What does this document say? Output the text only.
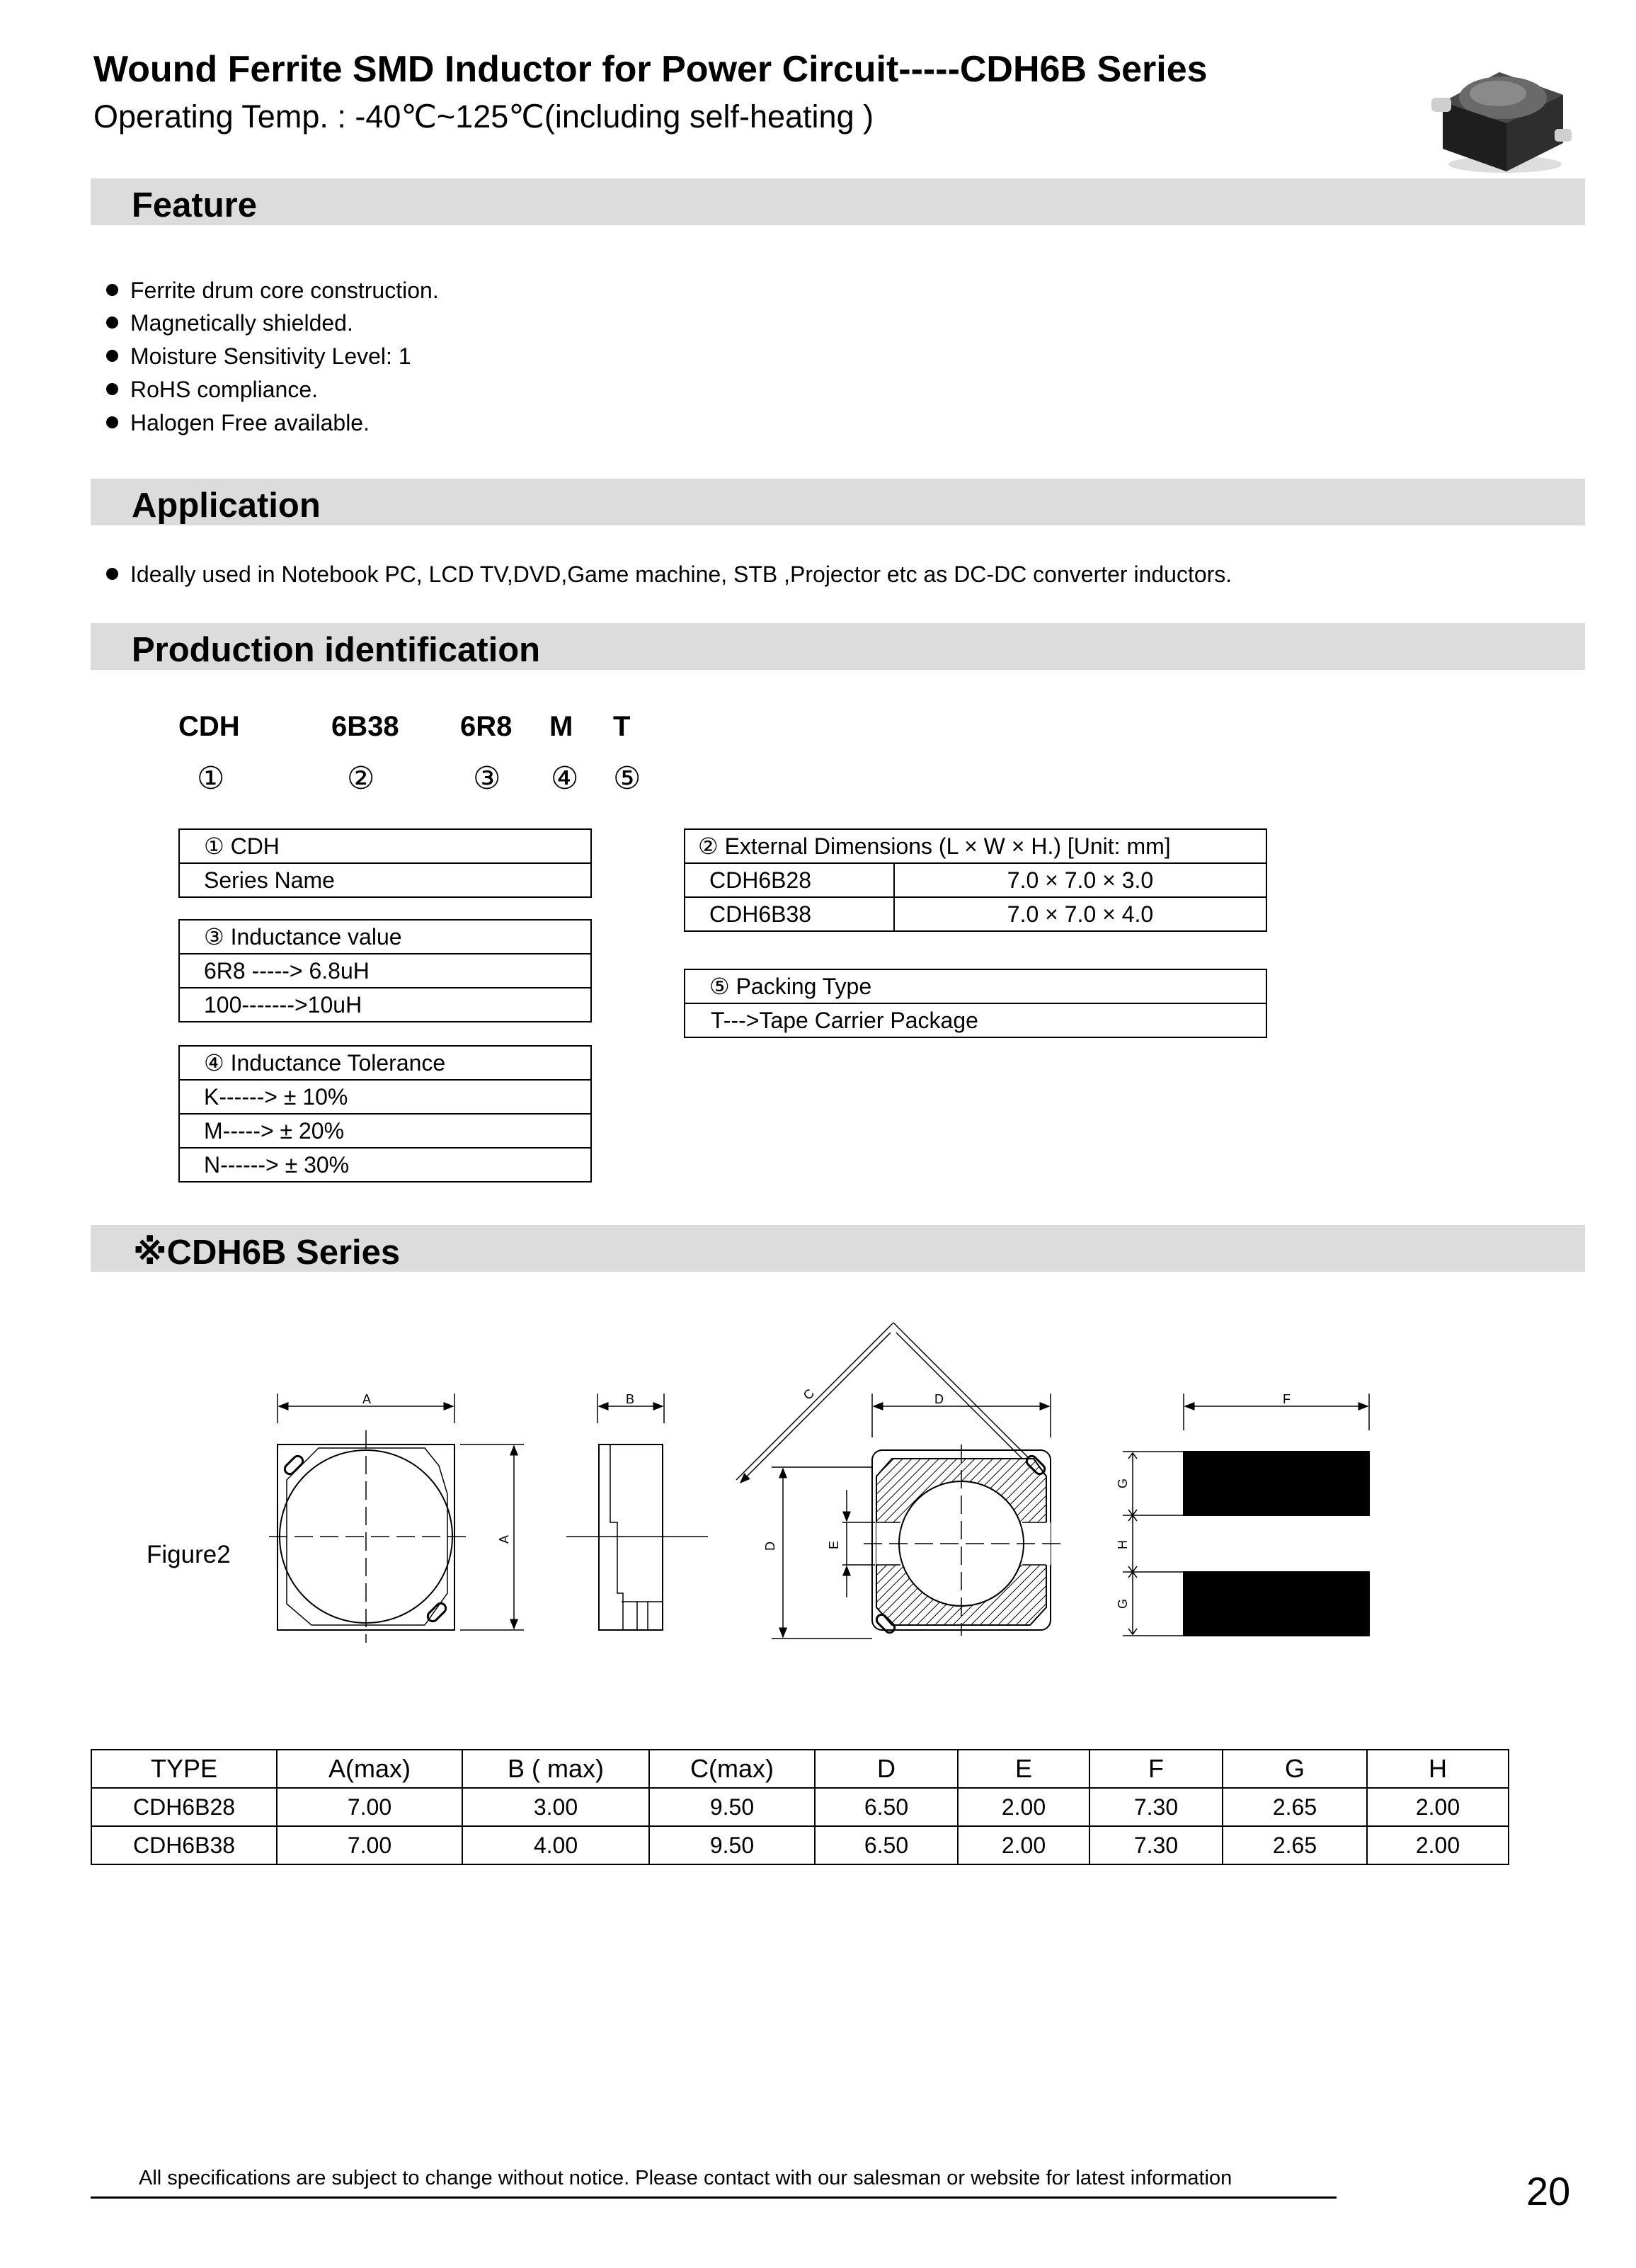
Wound Ferrite SMD Inductor for Power Circuit-----CDH6B Series
Operating Temp. : -40℃~125℃(including self-heating )
Feature
Ferrite drum core construction.
Magnetically shielded.
Moisture Sensitivity Level: 1
RoHS compliance.
Halogen Free available.
Application
Ideally used in Notebook PC, LCD TV,DVD,Game machine, STB ,Projector etc as DC-DC converter inductors.
Production identification
CDH	6B38 6R8 M T
①	②	③ ④ ⑤
① CDH
Series Name
③ Inductance value
6R8 -----> 6.8uH
100------->10uH
④ Inductance Tolerance
K------> ± 10%
M-----> ± 20%
N------> ± 30%
② External Dimensions (L × W × H.) [Unit: mm]	
CDH6B28	7.0 × 7.0 × 3.0
CDH6B38	7.0 × 7.0 × 4.0
⑤ Packing Type
T--->Tape Carrier Package
※CDH6B Series
Figure2
A
A
B	C	D
D	E
F
G
H
G
TYPE	A(max)	B ( max)	C(max)	D	E	F	G	H
CDH6B28	7.00	3.00	9.50	6.50	2.00	7.30	2.65	2.00
CDH6B38	7.00	4.00	9.50	6.50	2.00	7.30	2.65	2.00
All specifications are subject to change without notice. Please contact with our salesman or website for latest information	20
